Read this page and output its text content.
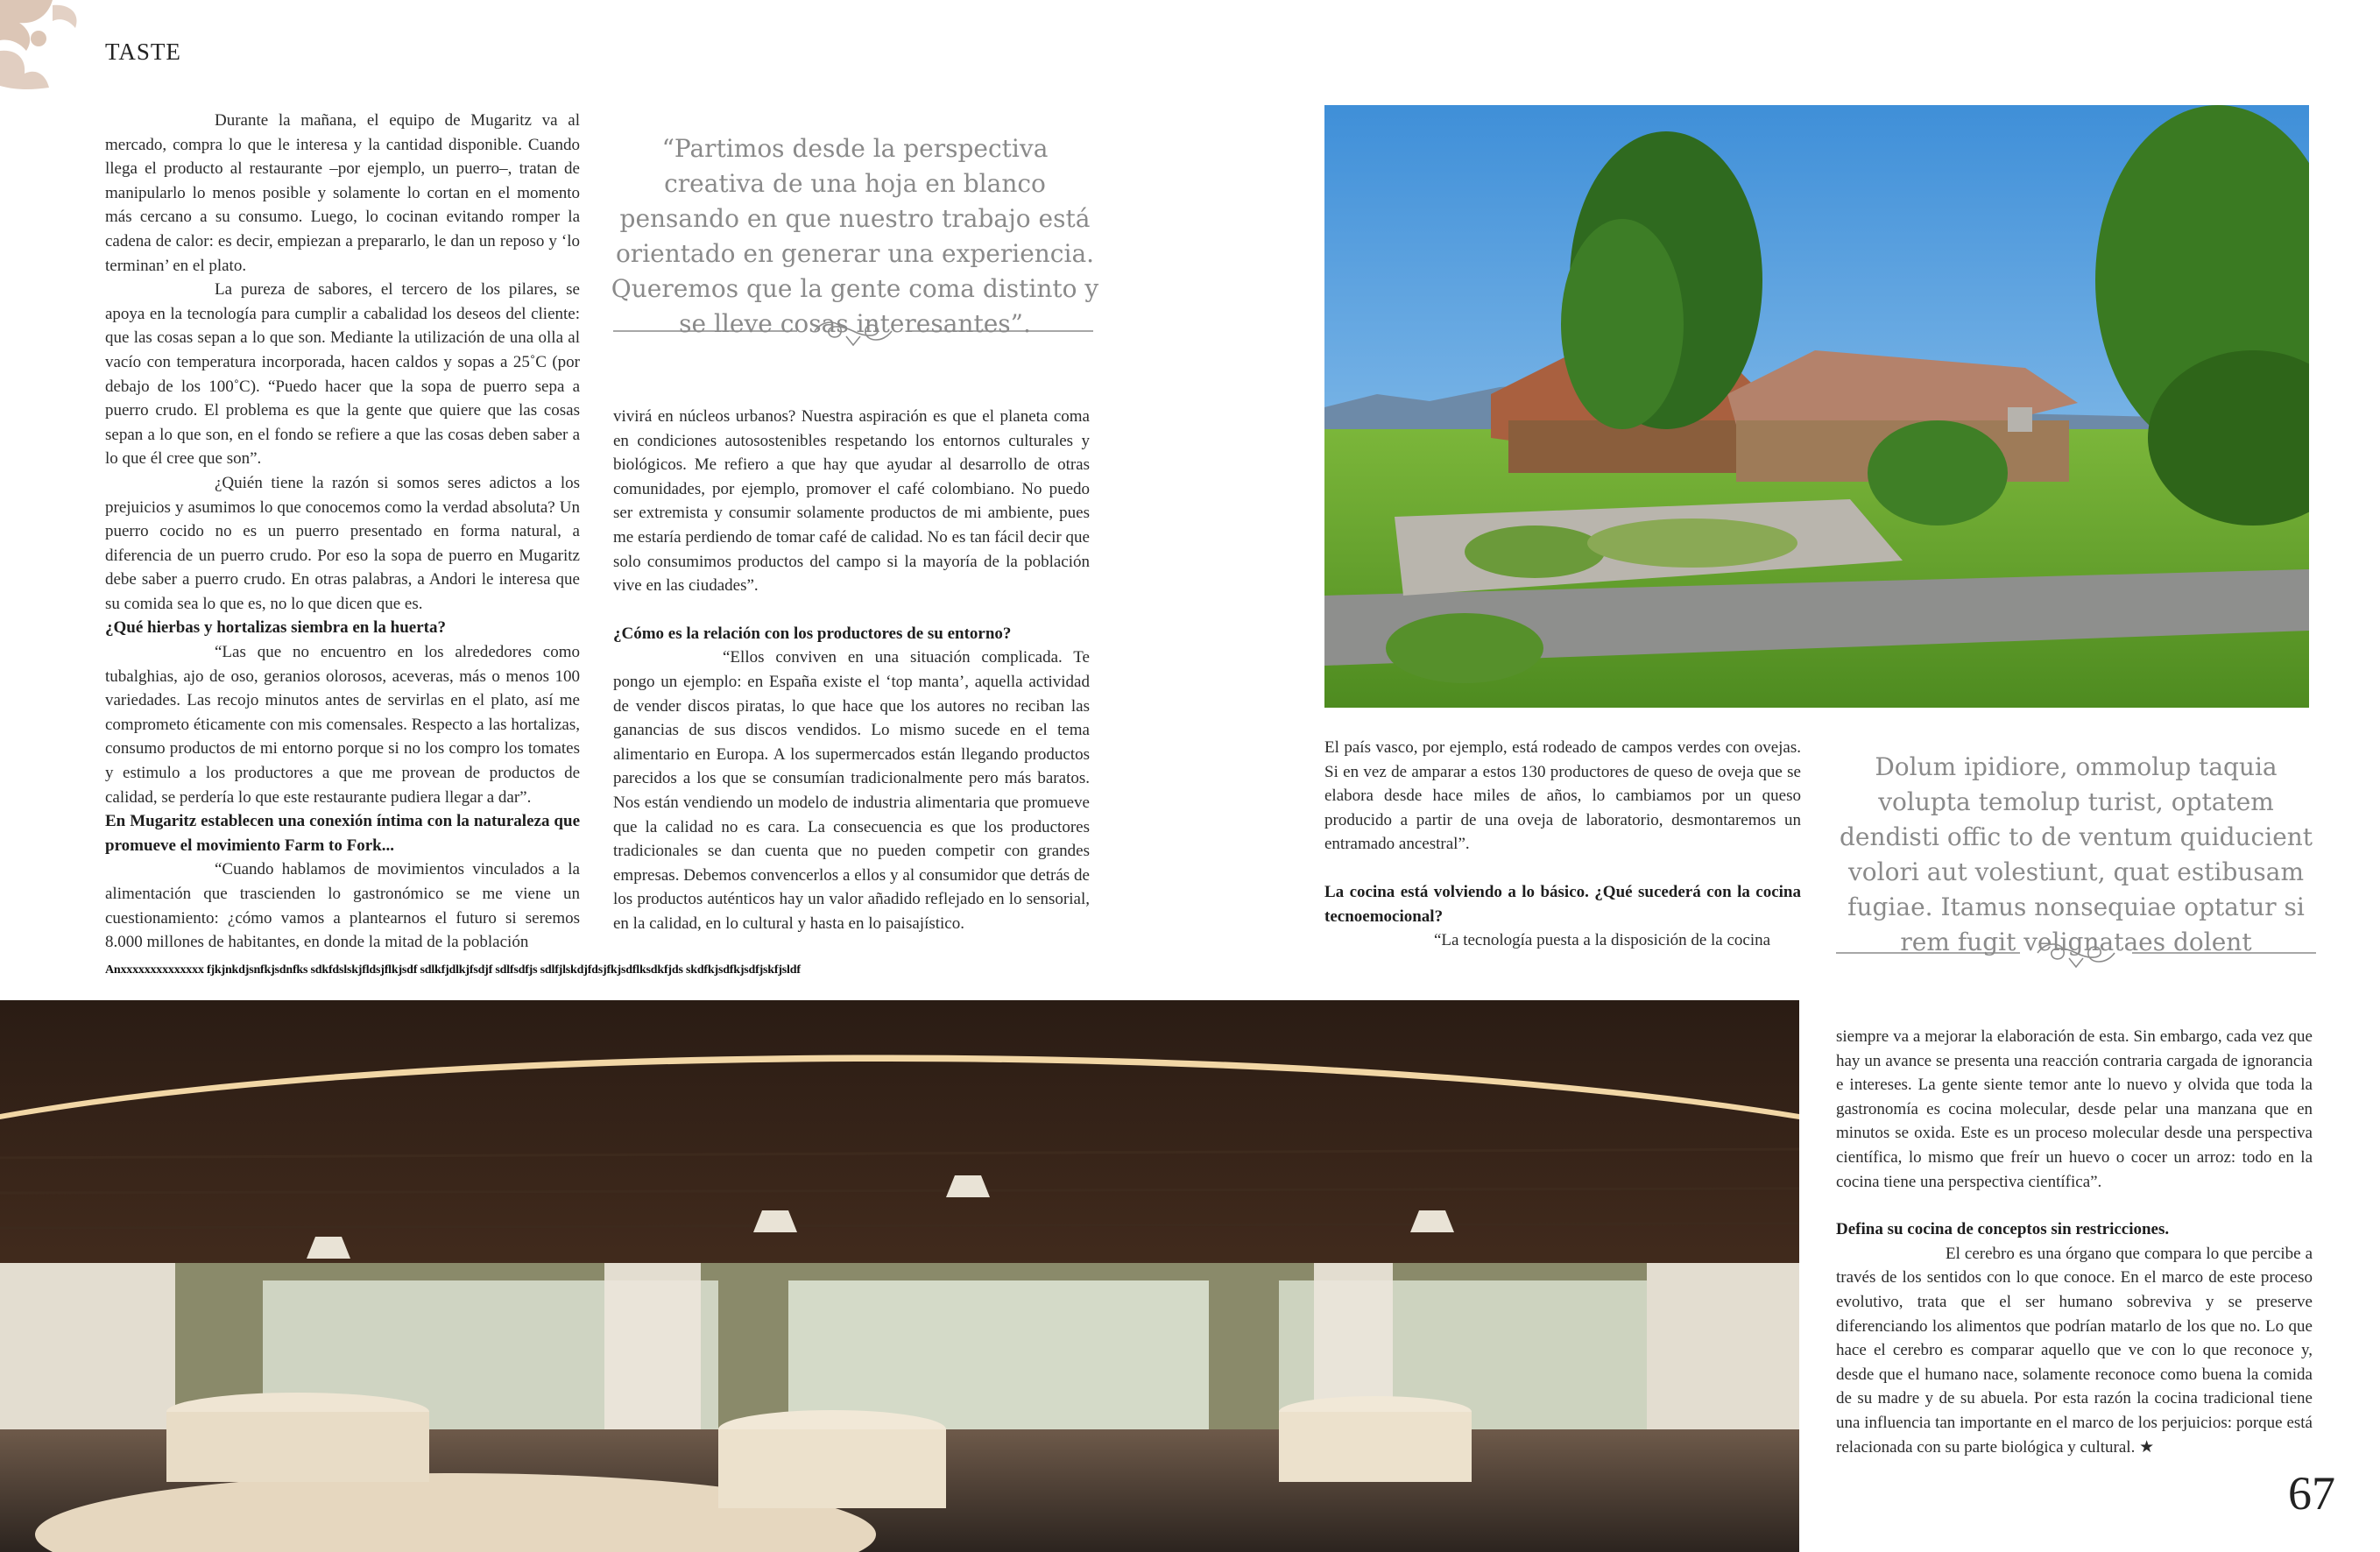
TASTE

Durante la mañana, el equipo de Mugaritz va al mercado, compra lo que le interesa y la cantidad disponible. Cuando llega el producto al restaurante –por ejemplo, un puerro–, tratan de manipularlo lo menos posible y solamente lo cortan en el momento más cercano a su consumo. Luego, lo cocinan evitando romper la cadena de calor: es decir, empiezan a prepararlo, le dan un reposo y ‘lo terminan’ en el plato.

La pureza de sabores, el tercero de los pilares, se apoya en la tecnología para cumplir a cabalidad los deseos del cliente: que las cosas sepan a lo que son. Mediante la utilización de una olla al vacío con temperatura incorporada, hacen caldos y sopas a 25˚C (por debajo de los 100˚C). “Puedo hacer que la sopa de puerro sepa a puerro crudo. El problema es que la gente que quiere que las cosas sepan a lo que son, en el fondo se refiere a que las cosas deben saber a lo que él cree que son”.

¿Quién tiene la razón si somos seres adictos a los prejuicios y asumimos lo que conocemos como la verdad absoluta? Un puerro cocido no es un puerro presentado en forma natural, a diferencia de un puerro crudo. Por eso la sopa de puerro en Mugaritz debe saber a puerro crudo. En otras palabras, a Andori le interesa que su comida sea lo que es, no lo que dicen que es.

¿Qué hierbas y hortalizas siembra en la huerta?

“Las que no encuentro en los alrededores como tubalghias, ajo de oso, geranios olorosos, aceveras, más o menos 100 variedades. Las recojo minutos antes de servirlas en el plato, así me comprometo éticamente con mis comensales. Respecto a las hortalizas, consumo productos de mi entorno porque si no los compro los tomates y estimulo a los productores a que me provean de productos de calidad, se perdería lo que este restaurante pudiera llegar a dar”.

En Mugaritz establecen una conexión íntima con la naturaleza que promueve el movimiento Farm to Fork...

“Cuando hablamos de movimientos vinculados a la alimentación que trascienden lo gastronómico se me viene un cuestionamiento: ¿cómo vamos a plantearnos el futuro si seremos 8.000 millones de habitantes, en donde la mitad de la población

“Partimos desde la perspectiva creativa de una hoja en blanco pensando en que nuestro trabajo está orientado en generar una experiencia. Queremos que la gente coma distinto y se lleve cosas interesantes”.

vivirá en núcleos urbanos? Nuestra aspiración es que el planeta coma en condiciones autosostenibles respetando los entornos culturales y biológicos. Me refiero a que hay que ayudar al desarrollo de otras comunidades, por ejemplo, promover el café colombiano. No puedo ser extremista y consumir solamente productos de mi ambiente, pues me estaría perdiendo de tomar café de calidad. No es tan fácil decir que solo consumimos productos del campo si la mayoría de la población vive en las ciudades”.

¿Cómo es la relación con los productores de su entorno?

“Ellos conviven en una situación complicada. Te pongo un ejemplo: en España existe el ‘top manta’, aquella actividad de vender discos piratas, lo que hace que los autores no reciban las ganancias de sus discos vendidos. Lo mismo sucede en el tema alimentario en Europa. A los supermercados están llegando productos parecidos a los que se consumían tradicionalmente pero más baratos. Nos están vendiendo un modelo de industria alimentaria que promueve que la calidad no es cara. La consecuencia es que los productores tradicionales se dan cuenta que no pueden competir con grandes empresas. Debemos convencerlos a ellos y al consumidor que detrás de los productos auténticos hay un valor añadido reflejado en lo sensorial, en la calidad, en lo cultural y hasta en lo paisajístico.

El país vasco, por ejemplo, está rodeado de campos verdes con ovejas. Si en vez de amparar a estos 130 productores de queso de oveja que se elabora desde hace miles de años, lo cambiamos por un queso producido a partir de una oveja de laboratorio, desmontaremos un entramado ancestral”.

La cocina está volviendo a lo básico. ¿Qué sucederá con la cocina tecnoemocional?

“La tecnología puesta a la disposición de la cocina

Dolum ipidiore, ommolup taquia volupta temolup turist, optatem dendisti offic to de ventum quiducient volori aut volestiunt, quat estibusam fugiae. Itamus nonsequiae optatur si rem fugit velignataes dolent
Anxxxxxxxxxxxxxx fjkjnkdjsnfkjsdnfks sdkfdslskjfldsjflkjsdf sdlkfjdlkjfsdjf sdlfsdfjs sdlfjlskdjfdsjfkjsdflksdkfjds skdfkjsdfkjsdfjskfjsldf

siempre va a mejorar la elaboración de esta. Sin embargo, cada vez que hay un avance se presenta una reacción contraria cargada de ignorancia e intereses. La gente siente temor ante lo nuevo y olvida que toda la gastronomía es cocina molecular, desde pelar una manzana que en minutos se oxida. Este es un proceso molecular desde una perspectiva científica, lo mismo que freír un huevo o cocer un arroz: todo en la cocina tiene una perspectiva científica”.

Defina su cocina de conceptos sin restricciones.

El cerebro es una órgano que compara lo que percibe a través de los sentidos con lo que conoce. En el marco de este proceso evolutivo, trata que el ser humano sobreviva y se preserve diferenciando los alimentos que podrían matarlo de los que no. Lo que hace el cerebro es comparar aquello que ve con lo que reconoce y, desde que el humano nace, solamente reconoce como buena la comida de su madre y de su abuela. Por esta razón la cocina tradicional tiene una influencia tan importante en el marco de los perjuicios: porque está relacionada con su parte biológica y cultural. ★

67
